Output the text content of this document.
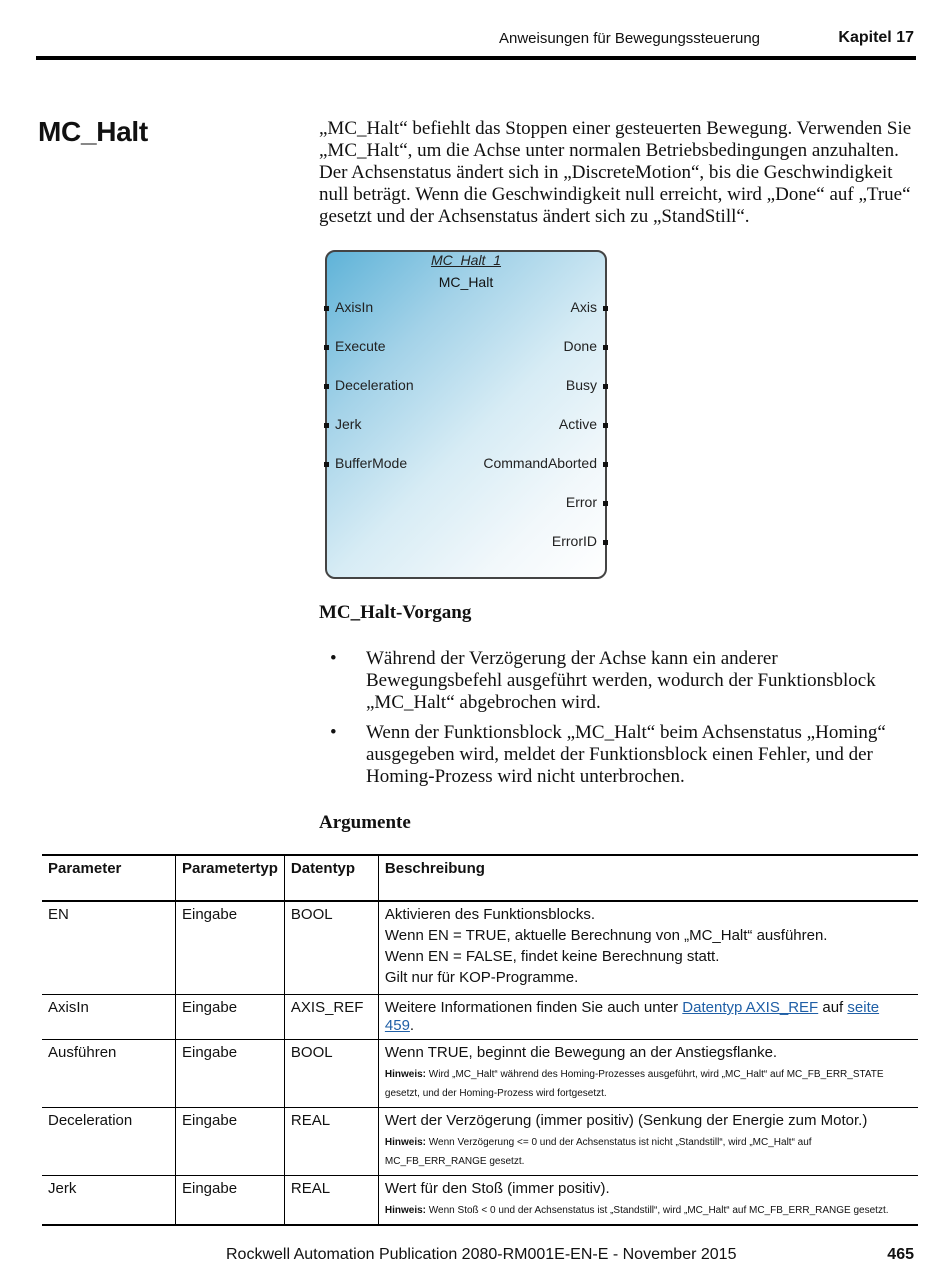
Anweisungen für Bewegungssteuerung	Kapitel 17
MC_Halt	„MC_Halt“ befiehlt das Stoppen einer gesteuerten Bewegung. Verwenden Sie „MC_Halt“, um die Achse unter normalen Betriebsbedingungen anzuhalten. Der Achsenstatus ändert sich in „DiscreteMotion“, bis die Geschwindigkeit null beträgt. Wenn die Geschwindigkeit null erreicht, wird „Done“ auf „True“ gesetzt und der Achsenstatus ändert sich zu „StandStill“.
MC_Halt_1
MC_Halt
AxisIn
Execute
Deceleration
Jerk
BufferMode
Axis
Done
Busy
Active
CommandAborted
Error
ErrorID
MC_Halt-Vorgang
• Während der Verzögerung der Achse kann ein anderer Bewegungsbefehl ausgeführt werden, wodurch der Funktionsblock „MC_Halt“ abgebrochen wird.
• Wenn der Funktionsblock „MC_Halt“ beim Achsenstatus „Homing“ ausgegeben wird, meldet der Funktionsblock einen Fehler, und der Homing-Prozess wird nicht unterbrochen.
Argumente
Parameter	Parametertyp	Datentyp	Beschreibung
EN	Eingabe	BOOL	Aktivieren des Funktionsblocks.
Wenn EN = TRUE, aktuelle Berechnung von „MC_Halt“ ausführen.
Wenn EN = FALSE, findet keine Berechnung statt.
Gilt nur für KOP-Programme.

AxisIn	Eingabe	AXIS_REF	Weitere Informationen finden Sie auch unter Datentyp AXIS_REF auf seite 459.
Ausführen	Eingabe	BOOL	Wenn TRUE, beginnt die Bewegung an der Anstiegsflanke.
Hinweis: Wird „MC_Halt“ während des Homing-Prozesses ausgeführt, wird „MC_Halt“ auf MC_FB_ERR_STATE gesetzt, und der Homing-Prozess wird fortgesetzt.

Deceleration	Eingabe	REAL	Wert der Verzögerung (immer positiv) (Senkung der Energie zum Motor.)
Hinweis: Wenn Verzögerung <= 0 und der Achsenstatus ist nicht „Standstill“, wird „MC_Halt“ auf MC_FB_ERR_RANGE gesetzt.

Jerk	Eingabe	REAL	Wert für den Stoß (immer positiv).
Hinweis: Wenn Stoß < 0 und der Achsenstatus ist „Standstill“, wird „MC_Halt“ auf MC_FB_ERR_RANGE gesetzt.
Rockwell Automation Publication 2080-RM001E-EN-E - November 2015	465
